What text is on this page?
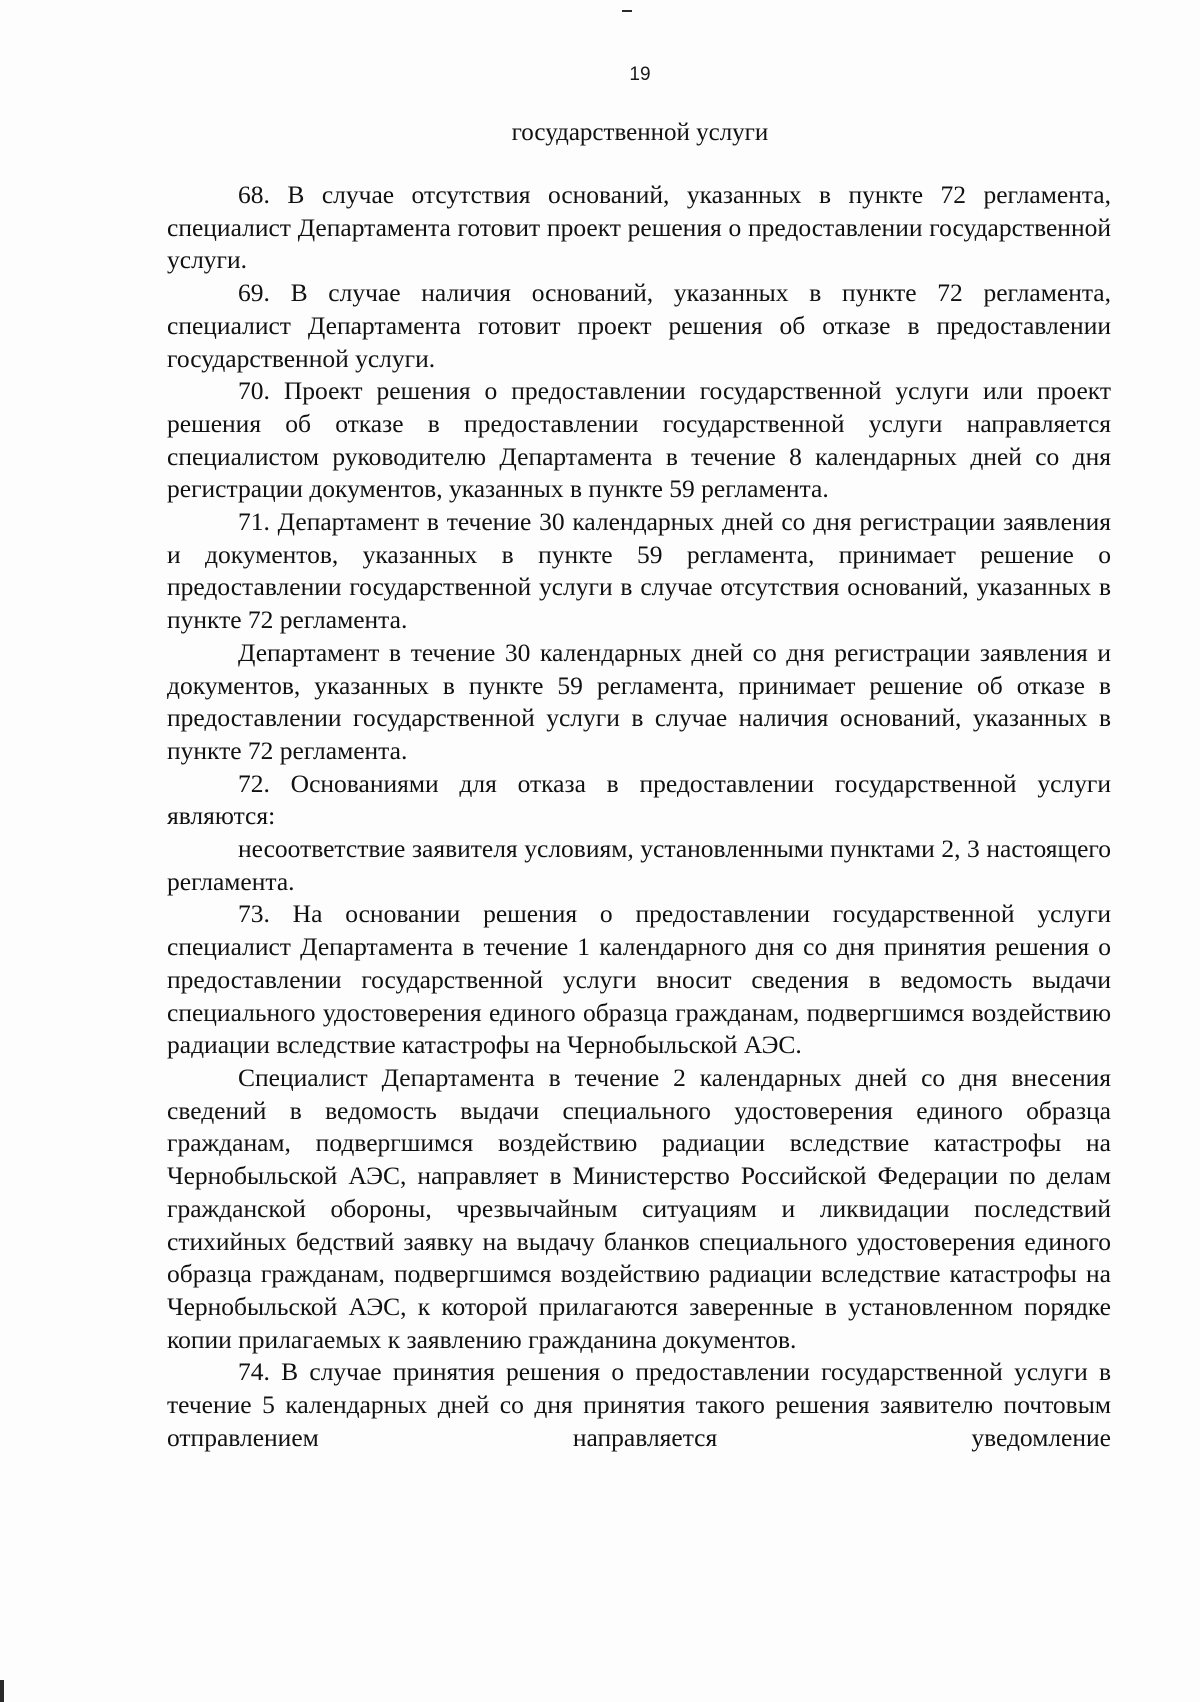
19
государственной услуги

68. В случае отсутствия оснований, указанных в пункте 72 регламента, специалист Департамента готовит проект решения о предоставлении государственной услуги.

69. В случае наличия оснований, указанных в пункте 72 регламента, специалист Департамента готовит проект решения об отказе в предоставлении государственной услуги.

70. Проект решения о предоставлении государственной услуги или проект решения об отказе в предоставлении государственной услуги направляется специалистом руководителю Департамента в течение 8 календарных дней со дня регистрации документов, указанных в пункте 59 регламента.

71. Департамент в течение 30 календарных дней со дня регистрации заявления и документов, указанных в пункте 59 регламента, принимает решение о предоставлении государственной услуги в случае отсутствия оснований, указанных в пункте 72 регламента.

Департамент в течение 30 календарных дней со дня регистрации заявления и документов, указанных в пункте 59 регламента, принимает решение об отказе в предоставлении государственной услуги в случае наличия оснований, указанных в пункте 72 регламента.

72. Основаниями для отказа в предоставлении государственной услуги являются:

несоответствие заявителя условиям, установленными пунктами 2, 3 настоящего регламента.

73. На основании решения о предоставлении государственной услуги специалист Департамента в течение 1 календарного дня со дня принятия решения о предоставлении государственной услуги вносит сведения в ведомость выдачи специального удостоверения единого образца гражданам, подвергшимся воздействию радиации вследствие катастрофы на Чернобыльской АЭС.

Специалист Департамента в течение 2 календарных дней со дня внесения сведений в ведомость выдачи специального удостоверения единого образца гражданам, подвергшимся воздействию радиации вследствие катастрофы на Чернобыльской АЭС, направляет в Министерство Российской Федерации по делам гражданской обороны, чрезвычайным ситуациям и ликвидации последствий стихийных бедствий заявку на выдачу бланков специального удостоверения единого образца гражданам, подвергшимся воздействию радиации вследствие катастрофы на Чернобыльской АЭС, к которой прилагаются заверенные в установленном порядке копии прилагаемых к заявлению гражданина документов.

74. В случае принятия решения о предоставлении государственной услуги в течение 5 календарных дней со дня принятия такого решения заявителю почтовым отправлением направляется уведомление
